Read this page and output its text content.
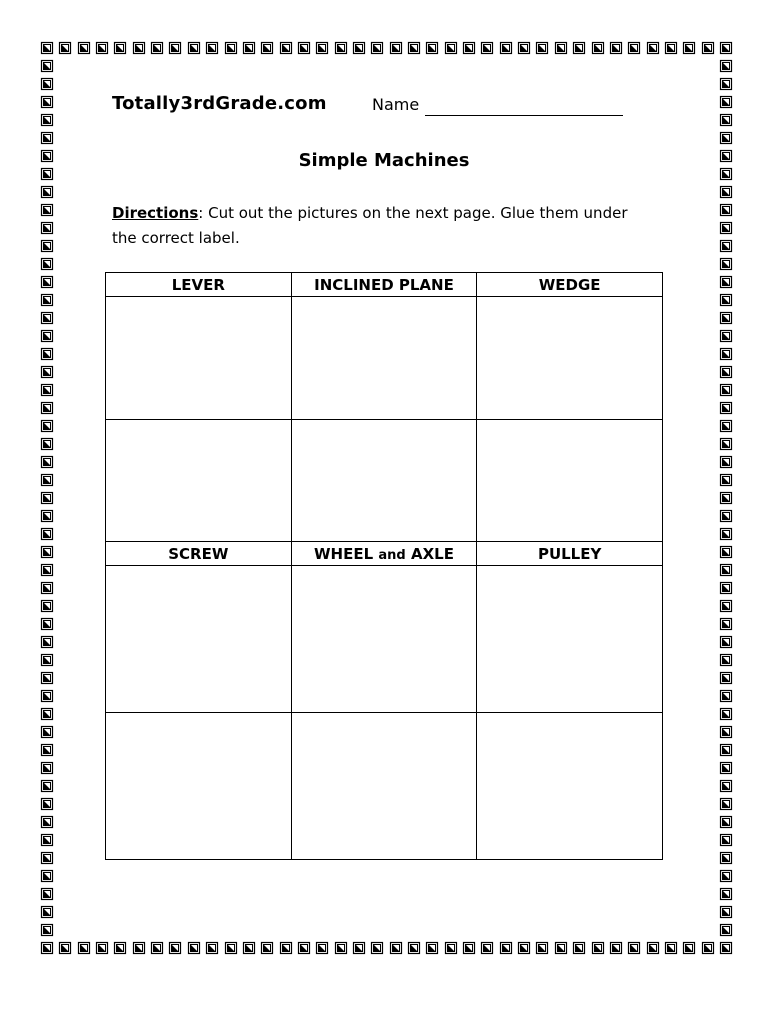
Totally3rdGrade.com	Name
Simple Machines
Directions: Cut out the pictures on the next page. Glue them under the correct label.
LEVER	INCLINED PLANE	WEDGE

SCREW	WHEEL and AXLE	PULLEY
